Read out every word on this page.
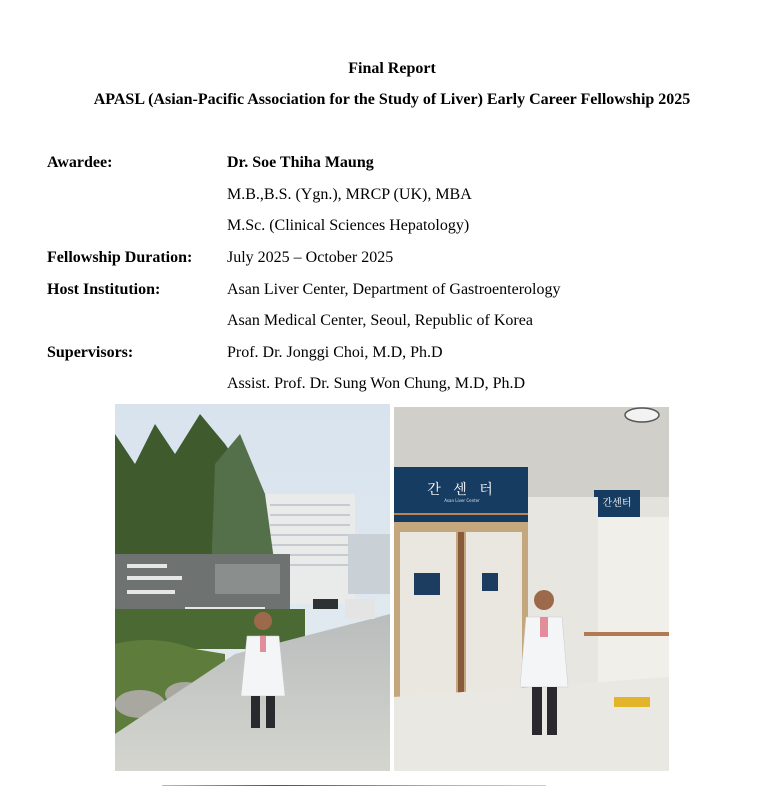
Final Report
APASL (Asian-Pacific Association for the Study of Liver) Early Career Fellowship 2025
Awardee:	Dr. Soe Thiha Maung
M.B.,B.S. (Ygn.), MRCP (UK), MBA
M.Sc. (Clinical Sciences Hepatology)
Fellowship Duration: July 2025 – October 2025
Host Institution:	Asan Liver Center, Department of Gastroenterology
Asan Medical Center, Seoul, Republic of Korea
Supervisors:	Prof. Dr. Jonggi Choi, M.D, Ph.D
Assist. Prof. Dr. Sung Won Chung, M.D, Ph.D
간 센 터
Asan Liver Center	간센터
